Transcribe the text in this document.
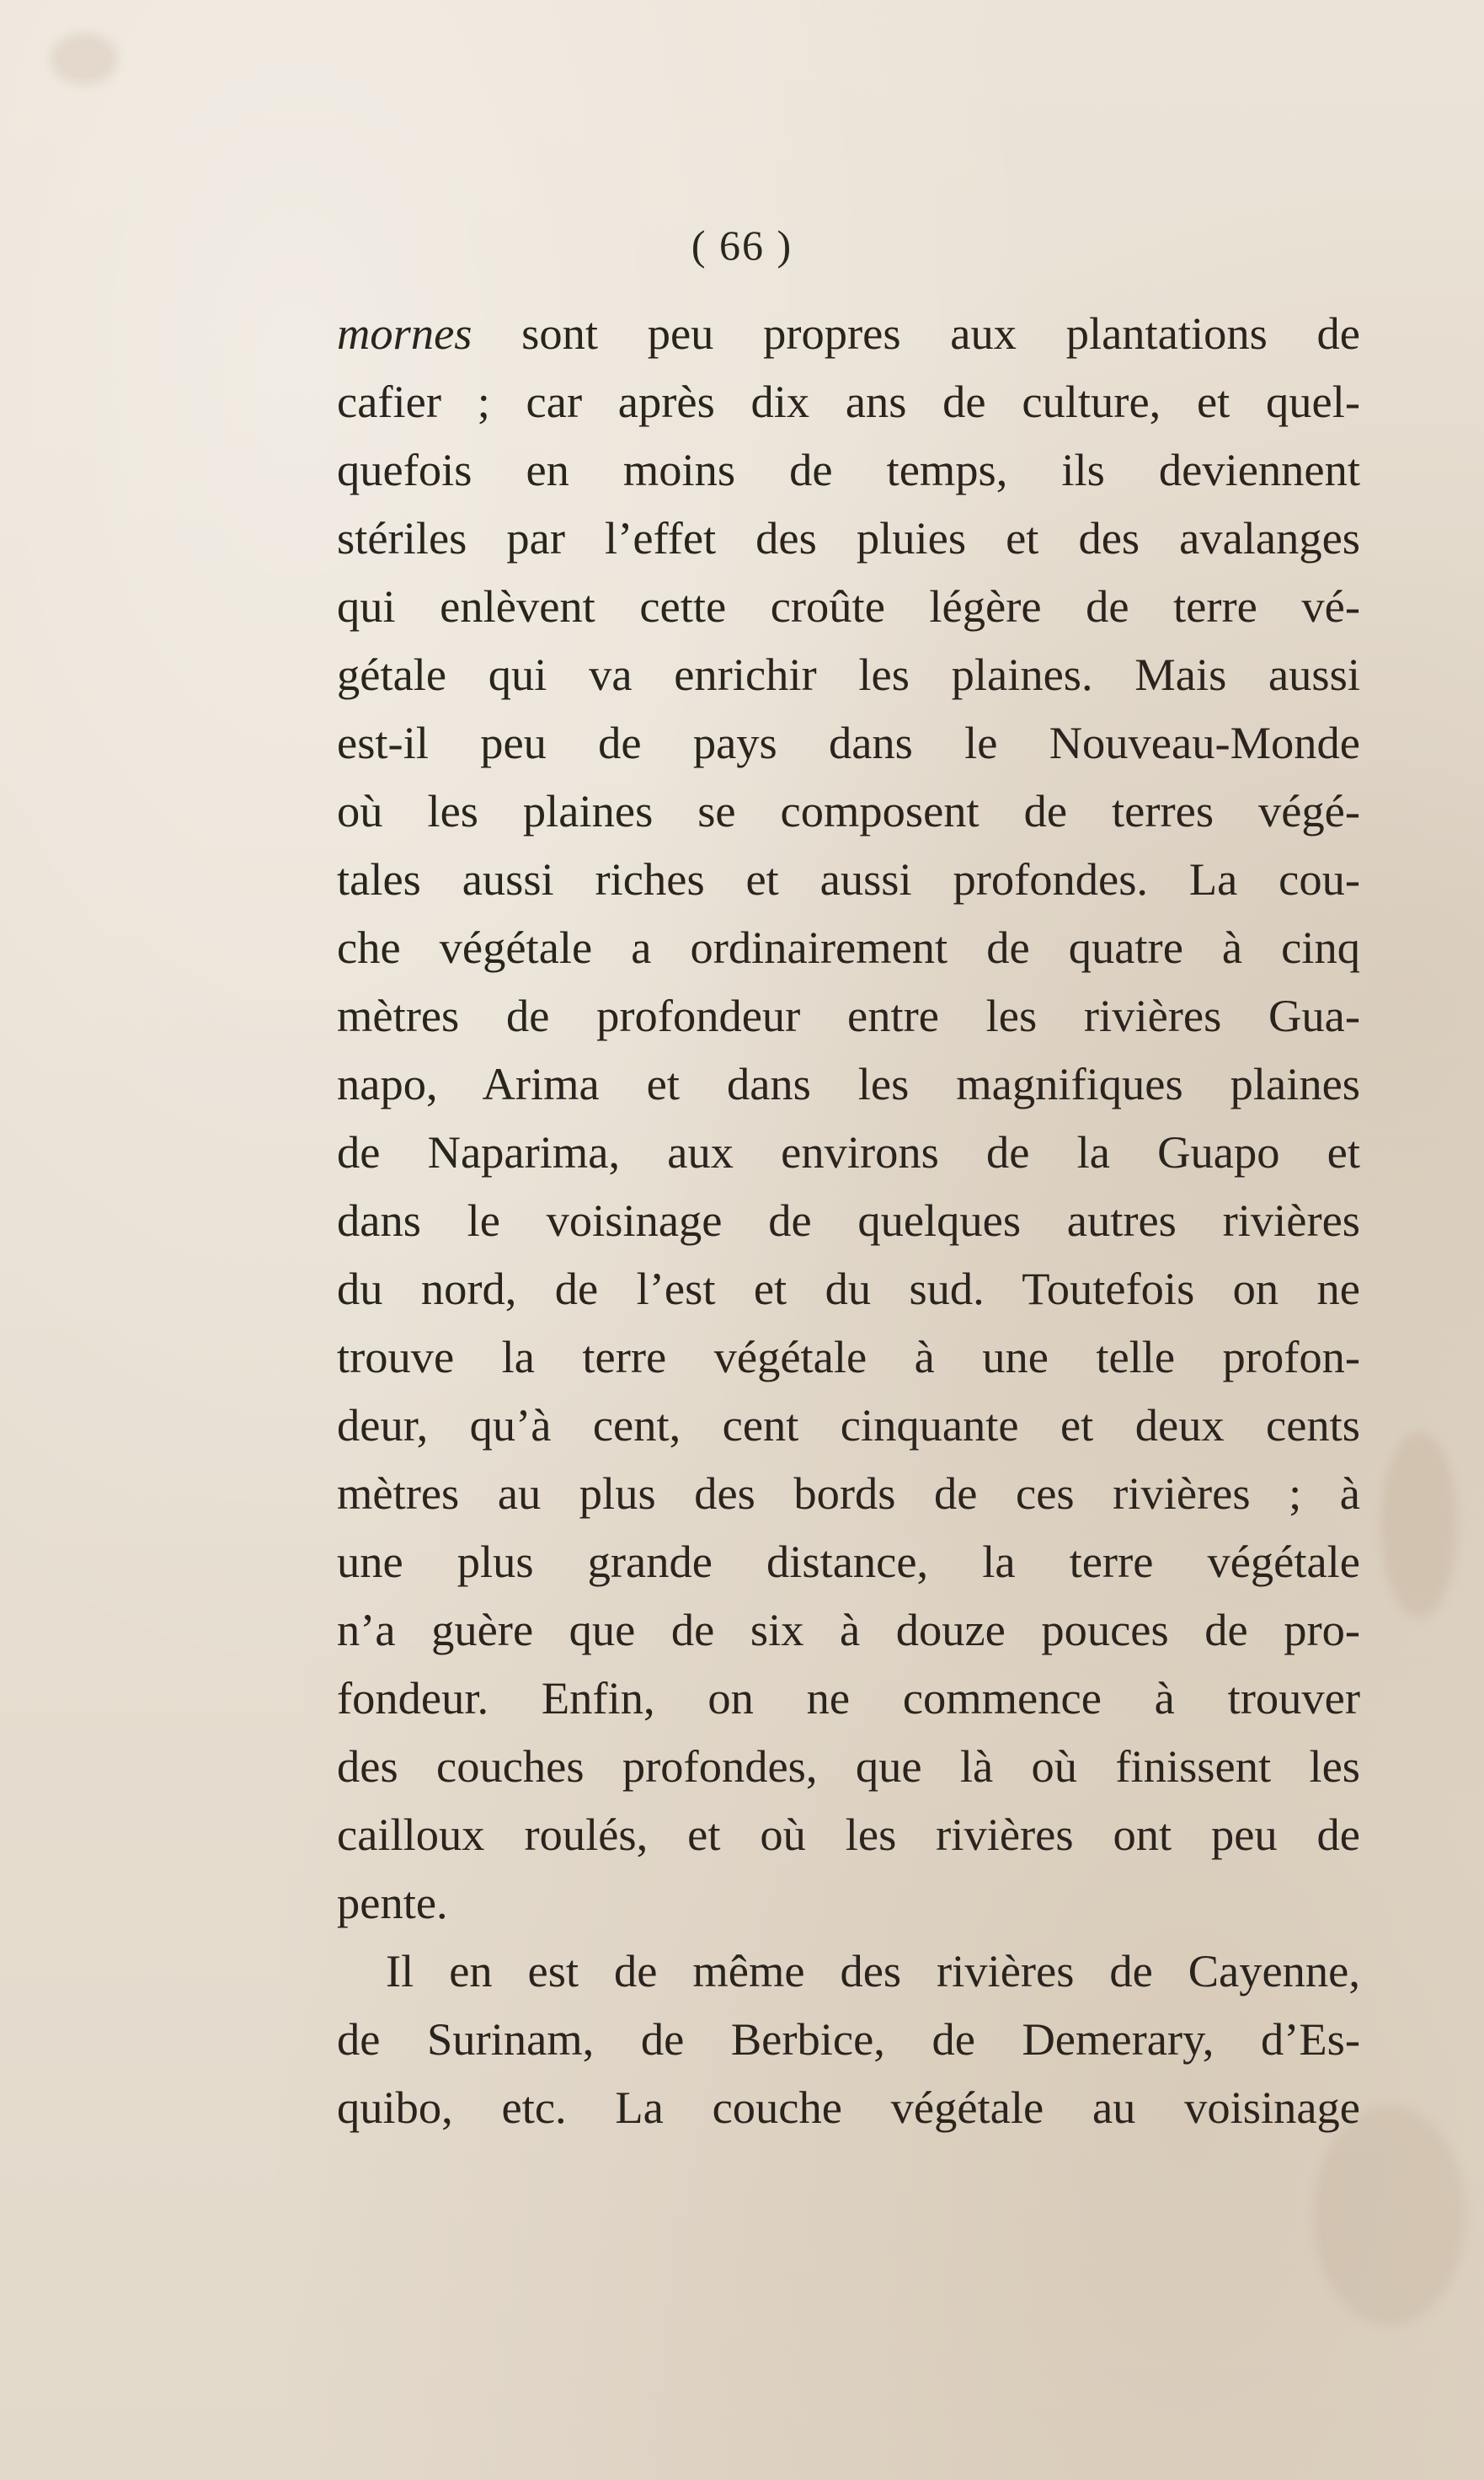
( 66 )
mornes sont peu propres aux plantations de
cafier ; car après dix ans de culture, et quel-
quefois en moins de temps, ils deviennent
stériles par l’effet des pluies et des avalanges
qui enlèvent cette croûte légère de terre vé-
gétale qui va enrichir les plaines. Mais aussi
est-il peu de pays dans le Nouveau-Monde
où les plaines se composent de terres végé-
tales aussi riches et aussi profondes. La cou-
che végétale a ordinairement de quatre à cinq
mètres de profondeur entre les rivières Gua-
napo, Arima et dans les magnifiques plaines
de Naparima, aux environs de la Guapo et
dans le voisinage de quelques autres rivières
du nord, de l’est et du sud. Toutefois on ne
trouve la terre végétale à une telle profon-
deur, qu’à cent, cent cinquante et deux cents
mètres au plus des bords de ces rivières ; à
une plus grande distance, la terre végétale
n’a guère que de six à douze pouces de pro-
fondeur. Enfin, on ne commence à trouver
des couches profondes, que là où finissent les
cailloux roulés, et où les rivières ont peu de
pente.
Il en est de même des rivières de Cayenne,
de Surinam, de Berbice, de Demerary, d’Es-
quibo, etc. La couche végétale au voisinage
